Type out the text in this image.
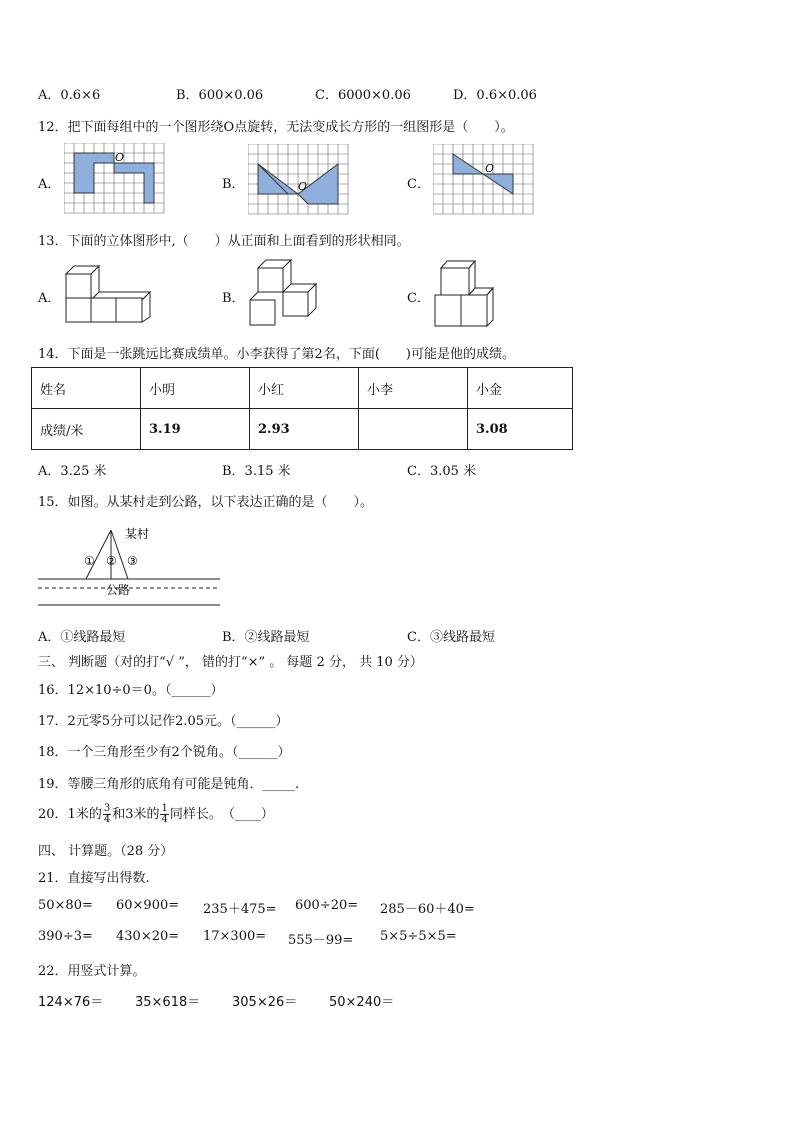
A．0.6×6	B．600×0.06	C．6000×0.06	D．0.6×0.06
12．把下面每组中的一个图形绕O点旋转，无法变成长方形的一组图形是（　　）。
A．	B．	C．
O
O
O
13．下面的立体图形中,（　　）从正面和上面看到的形状相同。
A．	B．	C．
14．下面是一张跳远比赛成绩单。小李获得了第2名，下面(　　)可能是他的成绩。
姓名	小明	小红	小李	小金
成绩/米	3.19	2.93		3.08
A．3.25 米	B．3.15 米	C．3.05 米
15．如图。从某村走到公路，以下表达正确的是（　　）。
某村
① ② ③
公路
A．①线路最短	B．②线路最短	C．③线路最短
三、 判断题（对的打“√ ”， 错的打“×” 。 每题 2 分， 共 10 分）
16．12×10÷0＝0。（______）
17．2元零5分可以记作2.05元。（______）
18．一个三角形至少有2个锐角。（______）
19．等腰三角形的底角有可能是钝角．_____.
20．1米的 $\frac{3}{4}$ 和3米的 $\frac{1}{4}$ 同样长。　（____）
四、 计算题。（28 分）
21．直接写出得数.
50×80= 60×900= 235＋475= 600÷20= 285－60＋40=
390÷3= 430×20= 17×300= 555－99= 5×5÷5×5=
22．用竖式计算。
124×76＝ 35×618＝ 305×26＝ 50×240＝
